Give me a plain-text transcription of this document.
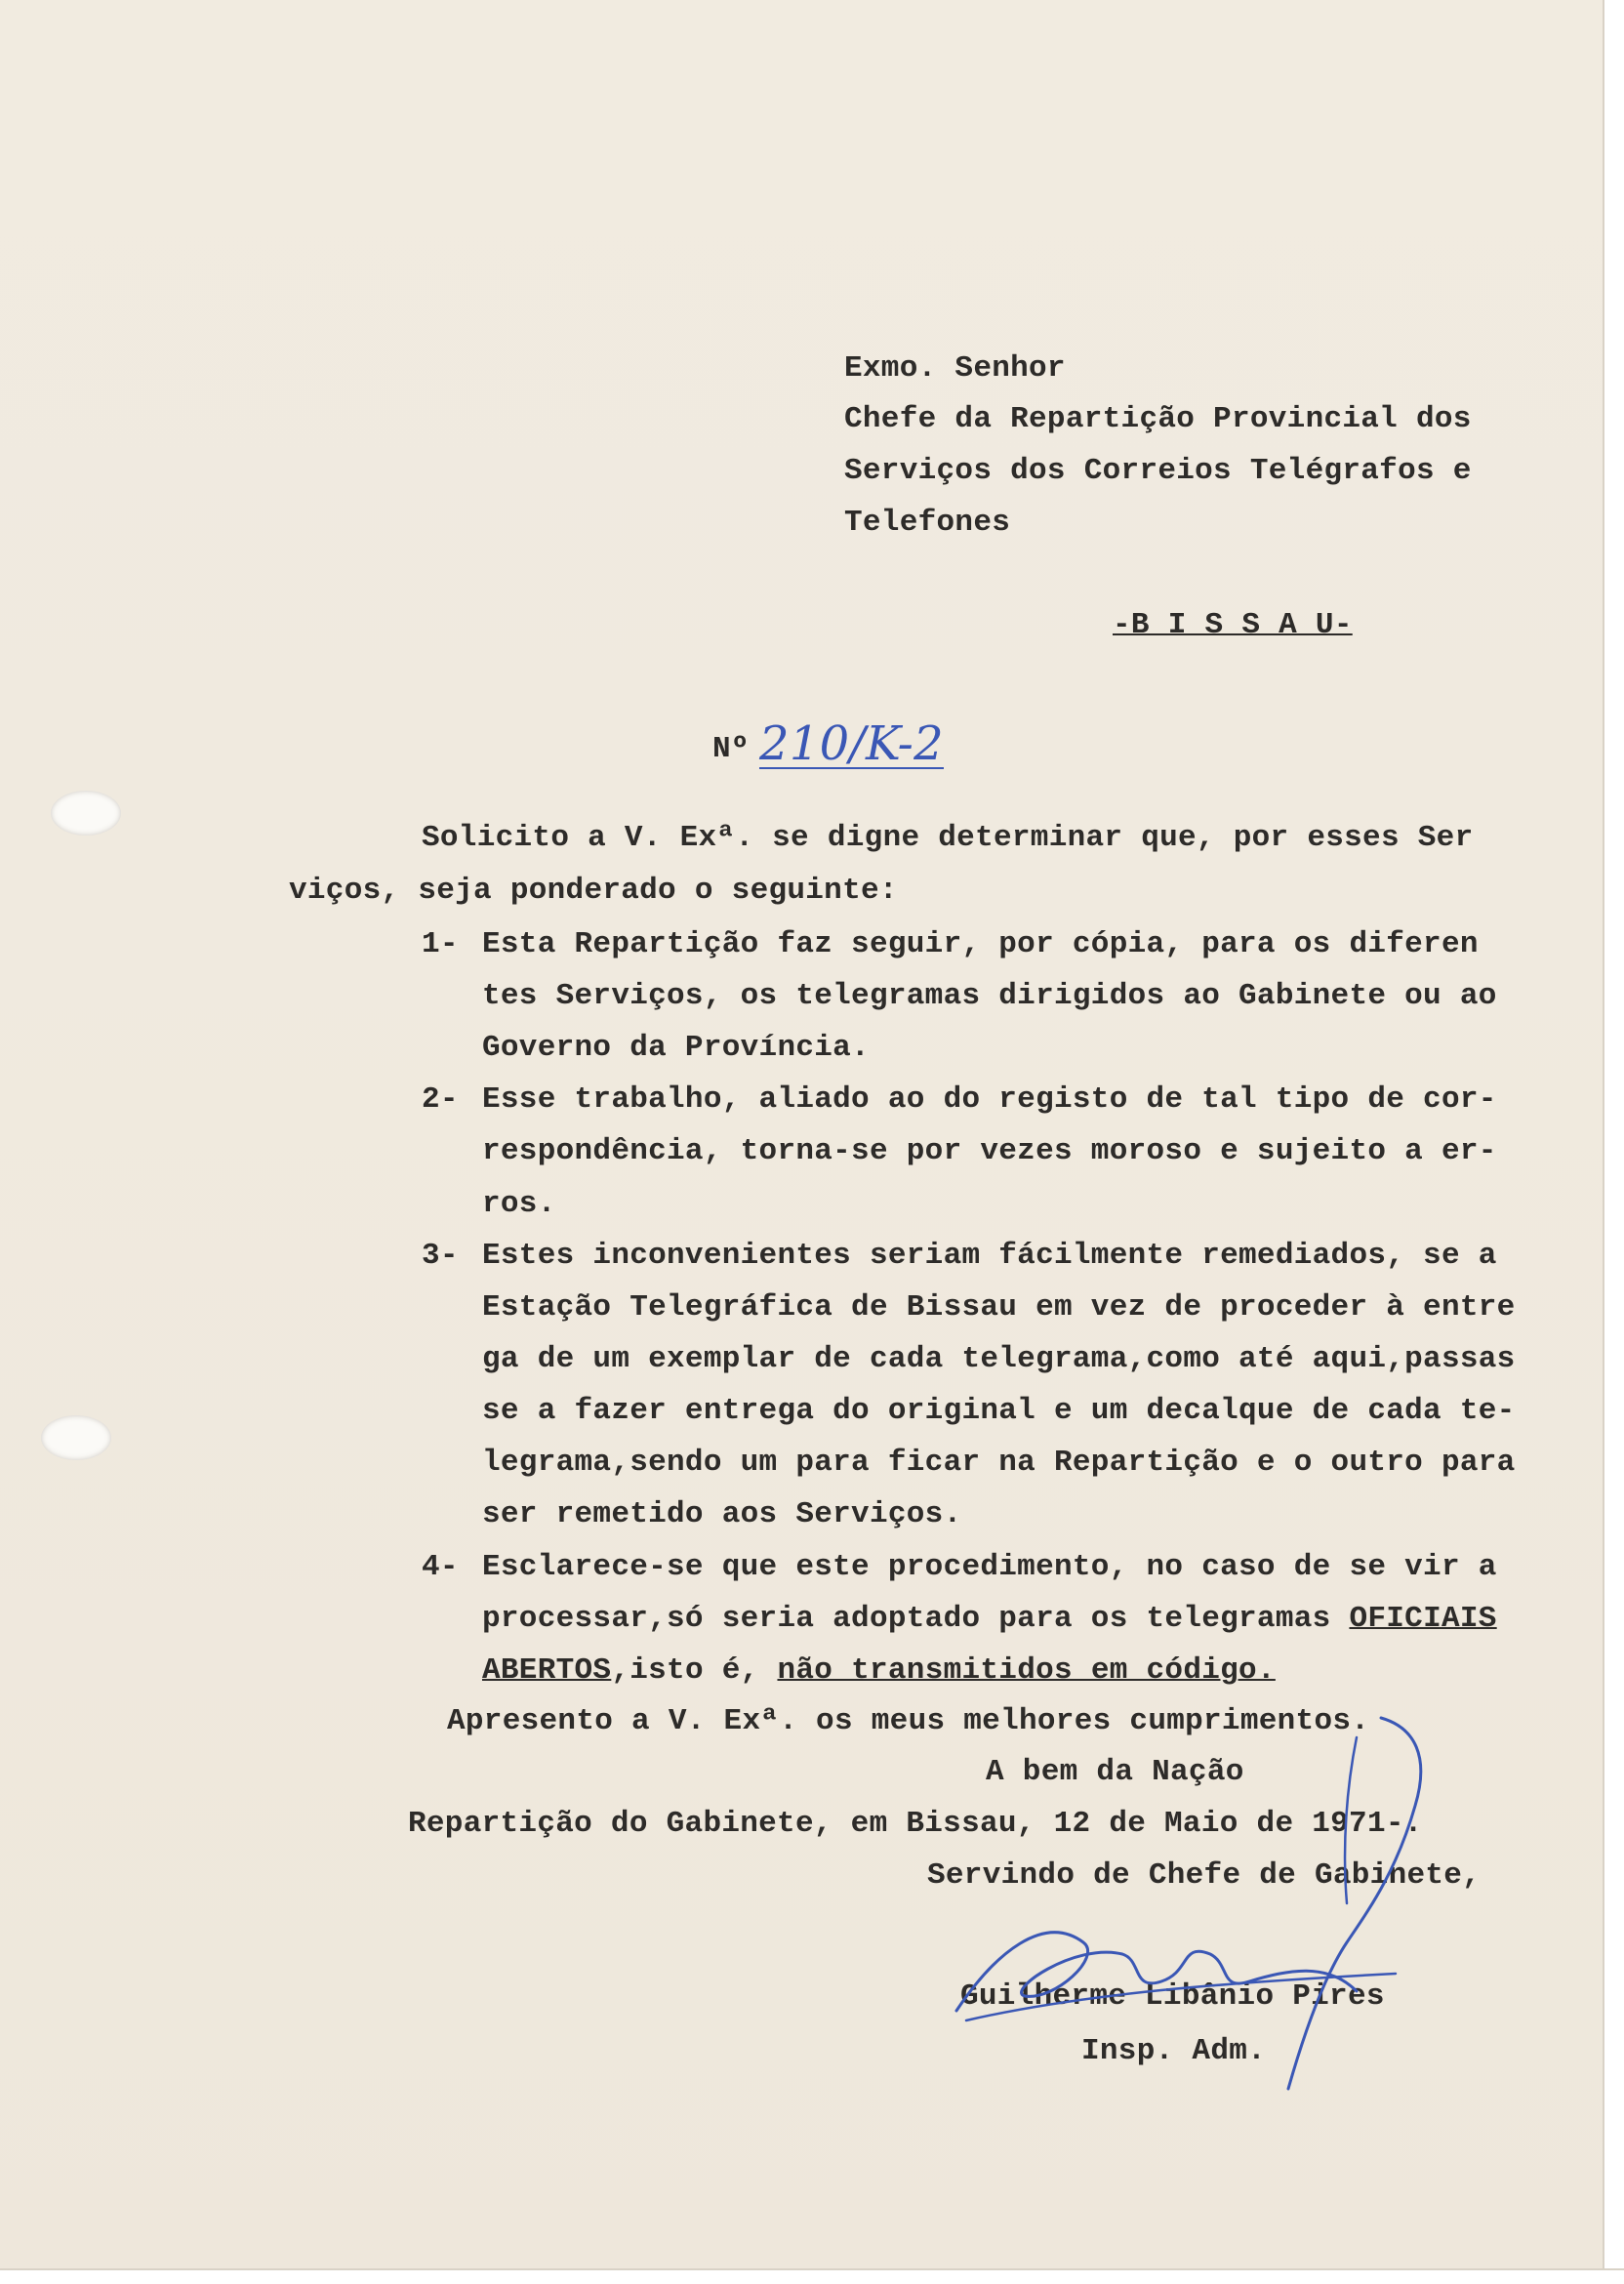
Exmo. Senhor

Chefe da Repartição Provincial dos

Serviços dos Correios Telégrafos e

Telefones

-B I S S A U-

Nº 210/K-2

Solicito a V. Exª. se digne determinar que, por esses Ser

viços, seja ponderado o seguinte:

1- Esta Repartição faz seguir, por cópia, para os diferen

tes Serviços, os telegramas dirigidos ao Gabinete ou ao

Governo da Província.

2- Esse trabalho, aliado ao do registo de tal tipo de cor-

respondência, torna-se por vezes moroso e sujeito a er-

ros.

3- Estes inconvenientes seriam fácilmente remediados, se a

Estação Telegráfica de Bissau em vez de proceder à entre

ga de um exemplar de cada telegrama,como até aqui,passas

se a fazer entrega do original e um decalque de cada te-

legrama,sendo um para ficar na Repartição e o outro para

ser remetido aos Serviços.

4- Esclarece-se que este procedimento, no caso de se vir a

processar,só seria adoptado para os telegramas OFICIAIS

ABERTOS,isto é, não transmitidos em código.

Apresento a V. Exª. os meus melhores cumprimentos.

A bem da Nação

Repartição do Gabinete, em Bissau, 12 de Maio de 1971-.

Servindo de Chefe de Gabinete,

Guilherme Libânio Pires

Insp. Adm.
